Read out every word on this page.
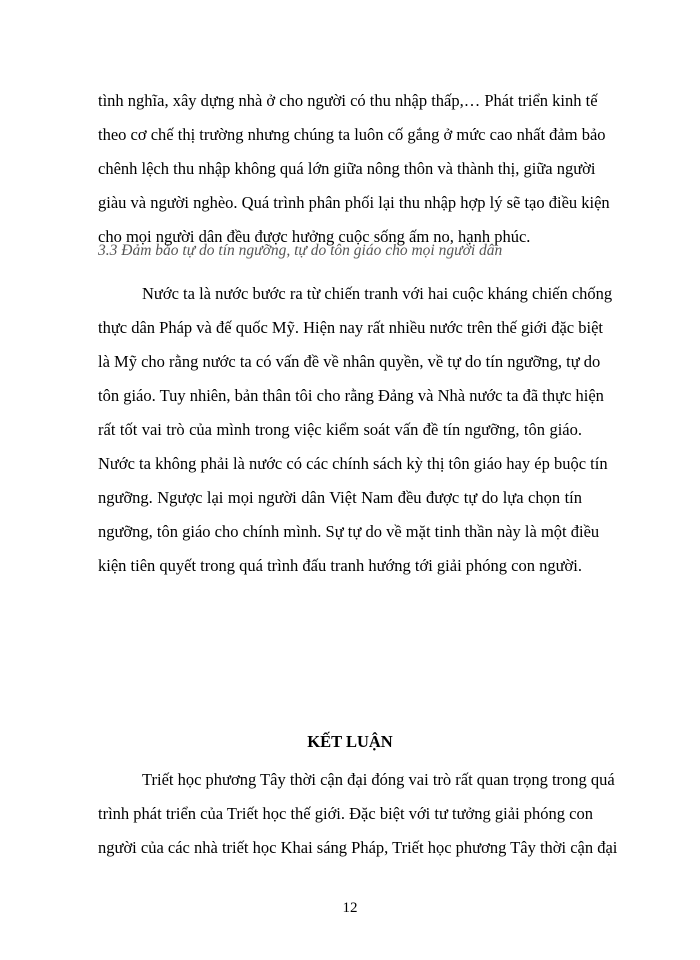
tình nghĩa, xây dựng nhà ở cho người có thu nhập thấp,… Phát triển kinh tế
theo cơ chế thị trường nhưng chúng ta luôn cố gắng ở mức cao nhất đảm bảo
chênh lệch thu nhập không quá lớn giữa nông thôn và thành thị, giữa người
giàu và người nghèo. Quá trình phân phối lại thu nhập hợp lý sẽ tạo điều kiện
cho mọi người dân đều được hưởng cuộc sống ấm no, hạnh phúc.
3.3 Đảm bảo tự do tín ngưỡng, tự do tôn giáo cho mọi người dân
Nước ta là nước bước ra từ chiến tranh với hai cuộc kháng chiến chống
thực dân Pháp và đế quốc Mỹ. Hiện nay rất nhiều nước trên thế giới đặc biệt
là Mỹ cho rằng nước ta có vấn đề về nhân quyền, về tự do tín ngưỡng, tự do
tôn giáo. Tuy nhiên, bản thân tôi cho rằng Đảng và Nhà nước ta đã thực hiện
rất tốt vai trò của mình trong việc kiểm soát vấn đề tín ngưỡng, tôn giáo.
Nước ta không phải là nước có các chính sách kỳ thị tôn giáo hay ép buộc tín
ngưỡng. Ngược lại mọi người dân Việt Nam đều được tự do lựa chọn tín
ngưỡng, tôn giáo cho chính mình. Sự tự do về mặt tinh thần này là một điều
kiện tiên quyết trong quá trình đấu tranh hướng tới giải phóng con người.
KẾT LUẬN
Triết học phương Tây thời cận đại đóng vai trò rất quan trọng trong quá
trình phát triển của Triết học thế giới. Đặc biệt với tư tưởng giải phóng con
người của các nhà triết học Khai sáng Pháp, Triết học phương Tây thời cận đại
12
